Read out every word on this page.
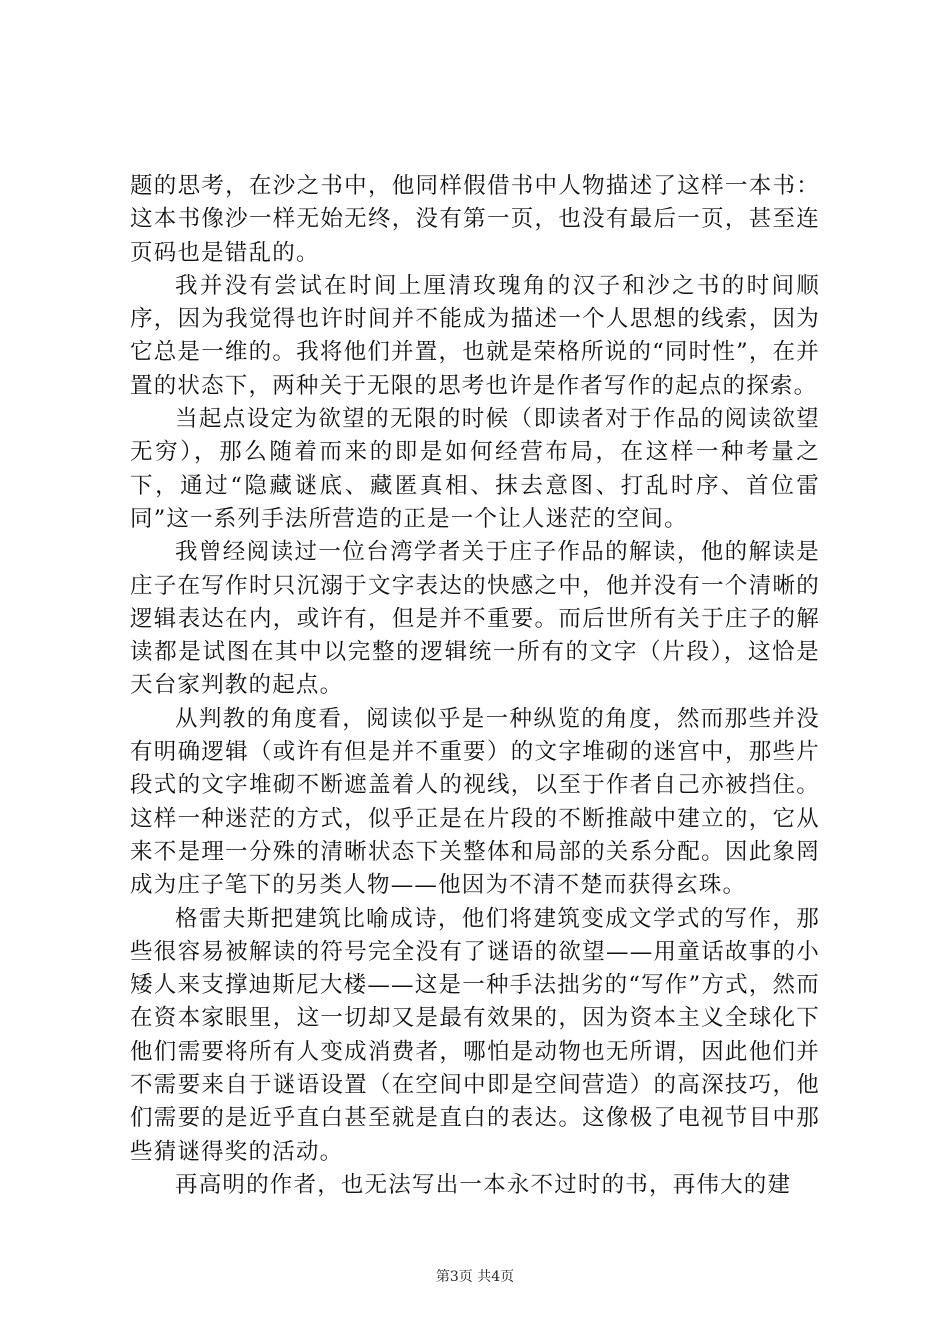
题的思考，在沙之书中，他同样假借书中人物描述了这样一本书：这本书像沙一样无始无终，没有第一页，也没有最后一页，甚至连页码也是错乱的。

我并没有尝试在时间上厘清玫瑰角的汉子和沙之书的时间顺序，因为我觉得也许时间并不能成为描述一个人思想的线索，因为它总是一维的。我将他们并置，也就是荣格所说的“同时性”，在并置的状态下，两种关于无限的思考也许是作者写作的起点的探索。

当起点设定为欲望的无限的时候（即读者对于作品的阅读欲望无穷），那么随着而来的即是如何经营布局，在这样一种考量之下，通过“隐藏谜底、藏匿真相、抹去意图、打乱时序、首位雷同”这一系列手法所营造的正是一个让人迷茫的空间。

我曾经阅读过一位台湾学者关于庄子作品的解读，他的解读是庄子在写作时只沉溺于文字表达的快感之中，他并没有一个清晰的逻辑表达在内，或许有，但是并不重要。而后世所有关于庄子的解读都是试图在其中以完整的逻辑统一所有的文字（片段），这恰是天台家判教的起点。

从判教的角度看，阅读似乎是一种纵览的角度，然而那些并没有明确逻辑（或许有但是并不重要）的文字堆砌的迷宫中，那些片段式的文字堆砌不断遮盖着人的视线，以至于作者自己亦被挡住。这样一种迷茫的方式，似乎正是在片段的不断推敲中建立的，它从来不是理一分殊的清晰状态下关整体和局部的关系分配。因此象罔成为庄子笔下的另类人物——他因为不清不楚而获得玄珠。

格雷夫斯把建筑比喻成诗，他们将建筑变成文学式的写作，那些很容易被解读的符号完全没有了谜语的欲望——用童话故事的小矮人来支撑迪斯尼大楼——这是一种手法拙劣的“写作”方式，然而在资本家眼里，这一切却又是最有效果的，因为资本主义全球化下他们需要将所有人变成消费者，哪怕是动物也无所谓，因此他们并不需要来自于谜语设置（在空间中即是空间营造）的高深技巧，他们需要的是近乎直白甚至就是直白的表达。这像极了电视节目中那些猜谜得奖的活动。

再高明的作者，也无法写出一本永不过时的书，再伟大的建

第3页 共4页
